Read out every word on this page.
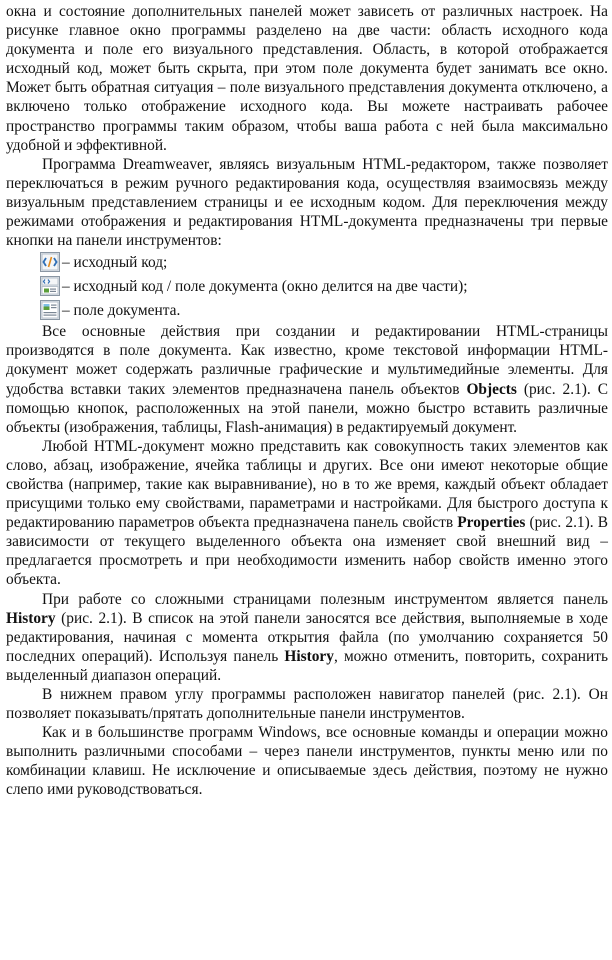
окна и состояние дополнительных панелей может зависеть от различных настроек. На рисунке главное окно программы разделено на две части: область исходного кода документа и поле его визуального представления. Область, в которой отображается исходный код, может быть скрыта, при этом поле документа будет занимать все окно. Может быть обратная ситуация – поле визуального представления документа отключено, а включено только отображение исходного кода. Вы можете настраивать рабочее пространство программы таким образом, чтобы ваша работа с ней была максимально удобной и эффективной.

Программа Dreamweaver, являясь визуальным HTML-редактором, также позволяет переключаться в режим ручного редактирования кода, осуществляя взаимосвязь между визуальным представлением страницы и ее исходным кодом. Для переключения между режимами отображения и редактирования HTML-документа предназначены три первые кнопки на панели инструментов:

– исходный код;
– исходный код / поле документа (окно делится на две части);
– поле документа.

Все основные действия при создании и редактировании HTML-страницы производятся в поле документа. Как известно, кроме текстовой информации HTML-документ может содержать различные графические и мультимедийные элементы. Для удобства вставки таких элементов предназначена панель объектов Objects (рис. 2.1). С помощью кнопок, расположенных на этой панели, можно быстро вставить различные объекты (изображения, таблицы, Flash-анимация) в редактируемый документ.

Любой HTML-документ можно представить как совокупность таких элементов как слово, абзац, изображение, ячейка таблицы и других. Все они имеют некоторые общие свойства (например, такие как выравнивание), но в то же время, каждый объект обладает присущими только ему свойствами, параметрами и настройками. Для быстрого доступа к редактированию параметров объекта предназначена панель свойств Properties (рис. 2.1). В зависимости от текущего выделенного объекта она изменяет свой внешний вид – предлагается просмотреть и при необходимости изменить набор свойств именно этого объекта.

При работе со сложными страницами полезным инструментом является панель History (рис. 2.1). В список на этой панели заносятся все действия, выполняемые в ходе редактирования, начиная с момента открытия файла (по умолчанию сохраняется 50 последних операций). Используя панель History, можно отменить, повторить, сохранить выделенный диапазон операций.

В нижнем правом углу программы расположен навигатор панелей (рис. 2.1). Он позволяет показывать/прятать дополнительные панели инструментов.

Как и в большинстве программ Windows, все основные команды и операции можно выполнить различными способами – через панели инструментов, пункты меню или по комбинации клавиш. Не исключение и описываемые здесь действия, поэтому не нужно слепо ими руководствоваться.
